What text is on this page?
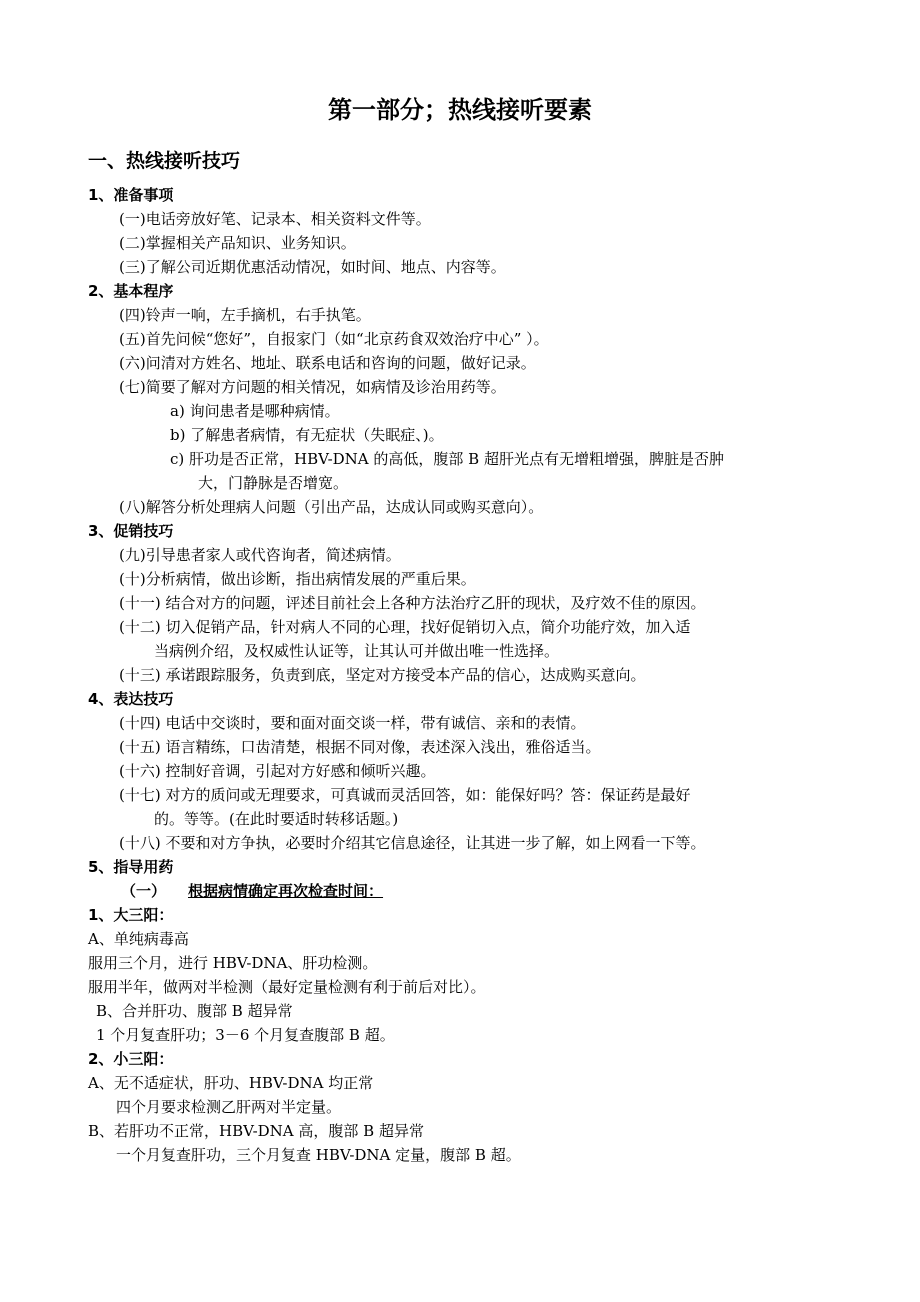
第一部分；热线接听要素
一、热线接听技巧
1、准备事项
(一)电话旁放好笔、记录本、相关资料文件等。
(二)掌握相关产品知识、业务知识。
(三)了解公司近期优惠活动情况，如时间、地点、内容等。
2、基本程序
(四)铃声一响，左手摘机，右手执笔。
(五)首先问候“您好”，自报家门（如“北京药食双效治疗中心” ）。
(六)问清对方姓名、地址、联系电话和咨询的问题，做好记录。
(七)简要了解对方问题的相关情况，如病情及诊治用药等。
a) 询问患者是哪种病情。
b) 了解患者病情，有无症状（失眠症、)。
c) 肝功是否正常，HBV-DNA 的高低，腹部 B 超肝光点有无增粗增强，脾脏是否肿
大，门静脉是否增宽。
(八)解答分析处理病人问题（引出产品，达成认同或购买意向）。
3、促销技巧
(九)引导患者家人或代咨询者，简述病情。
(十)分析病情，做出诊断，指出病情发展的严重后果。
(十一) 结合对方的问题，评述目前社会上各种方法治疗乙肝的现状，及疗效不佳的原因。
(十二) 切入促销产品，针对病人不同的心理，找好促销切入点，简介功能疗效，加入适
当病例介绍，及权威性认证等，让其认可并做出唯一性选择。
(十三) 承诺跟踪服务，负责到底，坚定对方接受本产品的信心，达成购买意向。
4、表达技巧
(十四) 电话中交谈时，要和面对面交谈一样，带有诚信、亲和的表情。
(十五) 语言精练，口齿清楚，根据不同对像，表述深入浅出，雅俗适当。
(十六) 控制好音调，引起对方好感和倾听兴趣。
(十七) 对方的质问或无理要求，可真诚而灵活回答，如：能保好吗？答：保证药是最好
的。等等。(在此时要适时转移话题。)
(十八) 不要和对方争执，必要时介绍其它信息途径，让其进一步了解，如上网看一下等。
5、指导用药
（一） 根据病情确定再次检查时间：
1、大三阳：
A、单纯病毒高
服用三个月，进行 HBV-DNA、肝功检测。
服用半年，做两对半检测（最好定量检测有利于前后对比）。
B、合并肝功、腹部 B 超异常
1 个月复查肝功；3－6 个月复查腹部 B 超。
2、小三阳：
A、无不适症状，肝功、HBV-DNA 均正常
四个月要求检测乙肝两对半定量。
B、若肝功不正常，HBV-DNA 高，腹部 B 超异常
一个月复查肝功，三个月复查 HBV-DNA 定量，腹部 B 超。
